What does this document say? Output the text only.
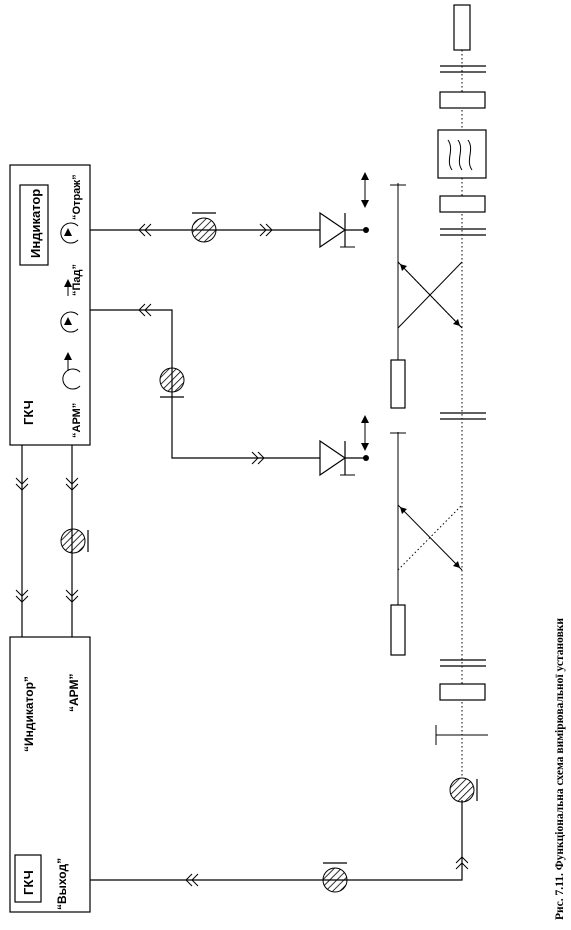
ГКЧ
Индикатор
“АРМ”
“Пад”
“Отраж”
ГКЧ “Выход”
“Индикатор”	“АРМ”	Рис. 7.11. Функціональна схема вимірювальної установки
